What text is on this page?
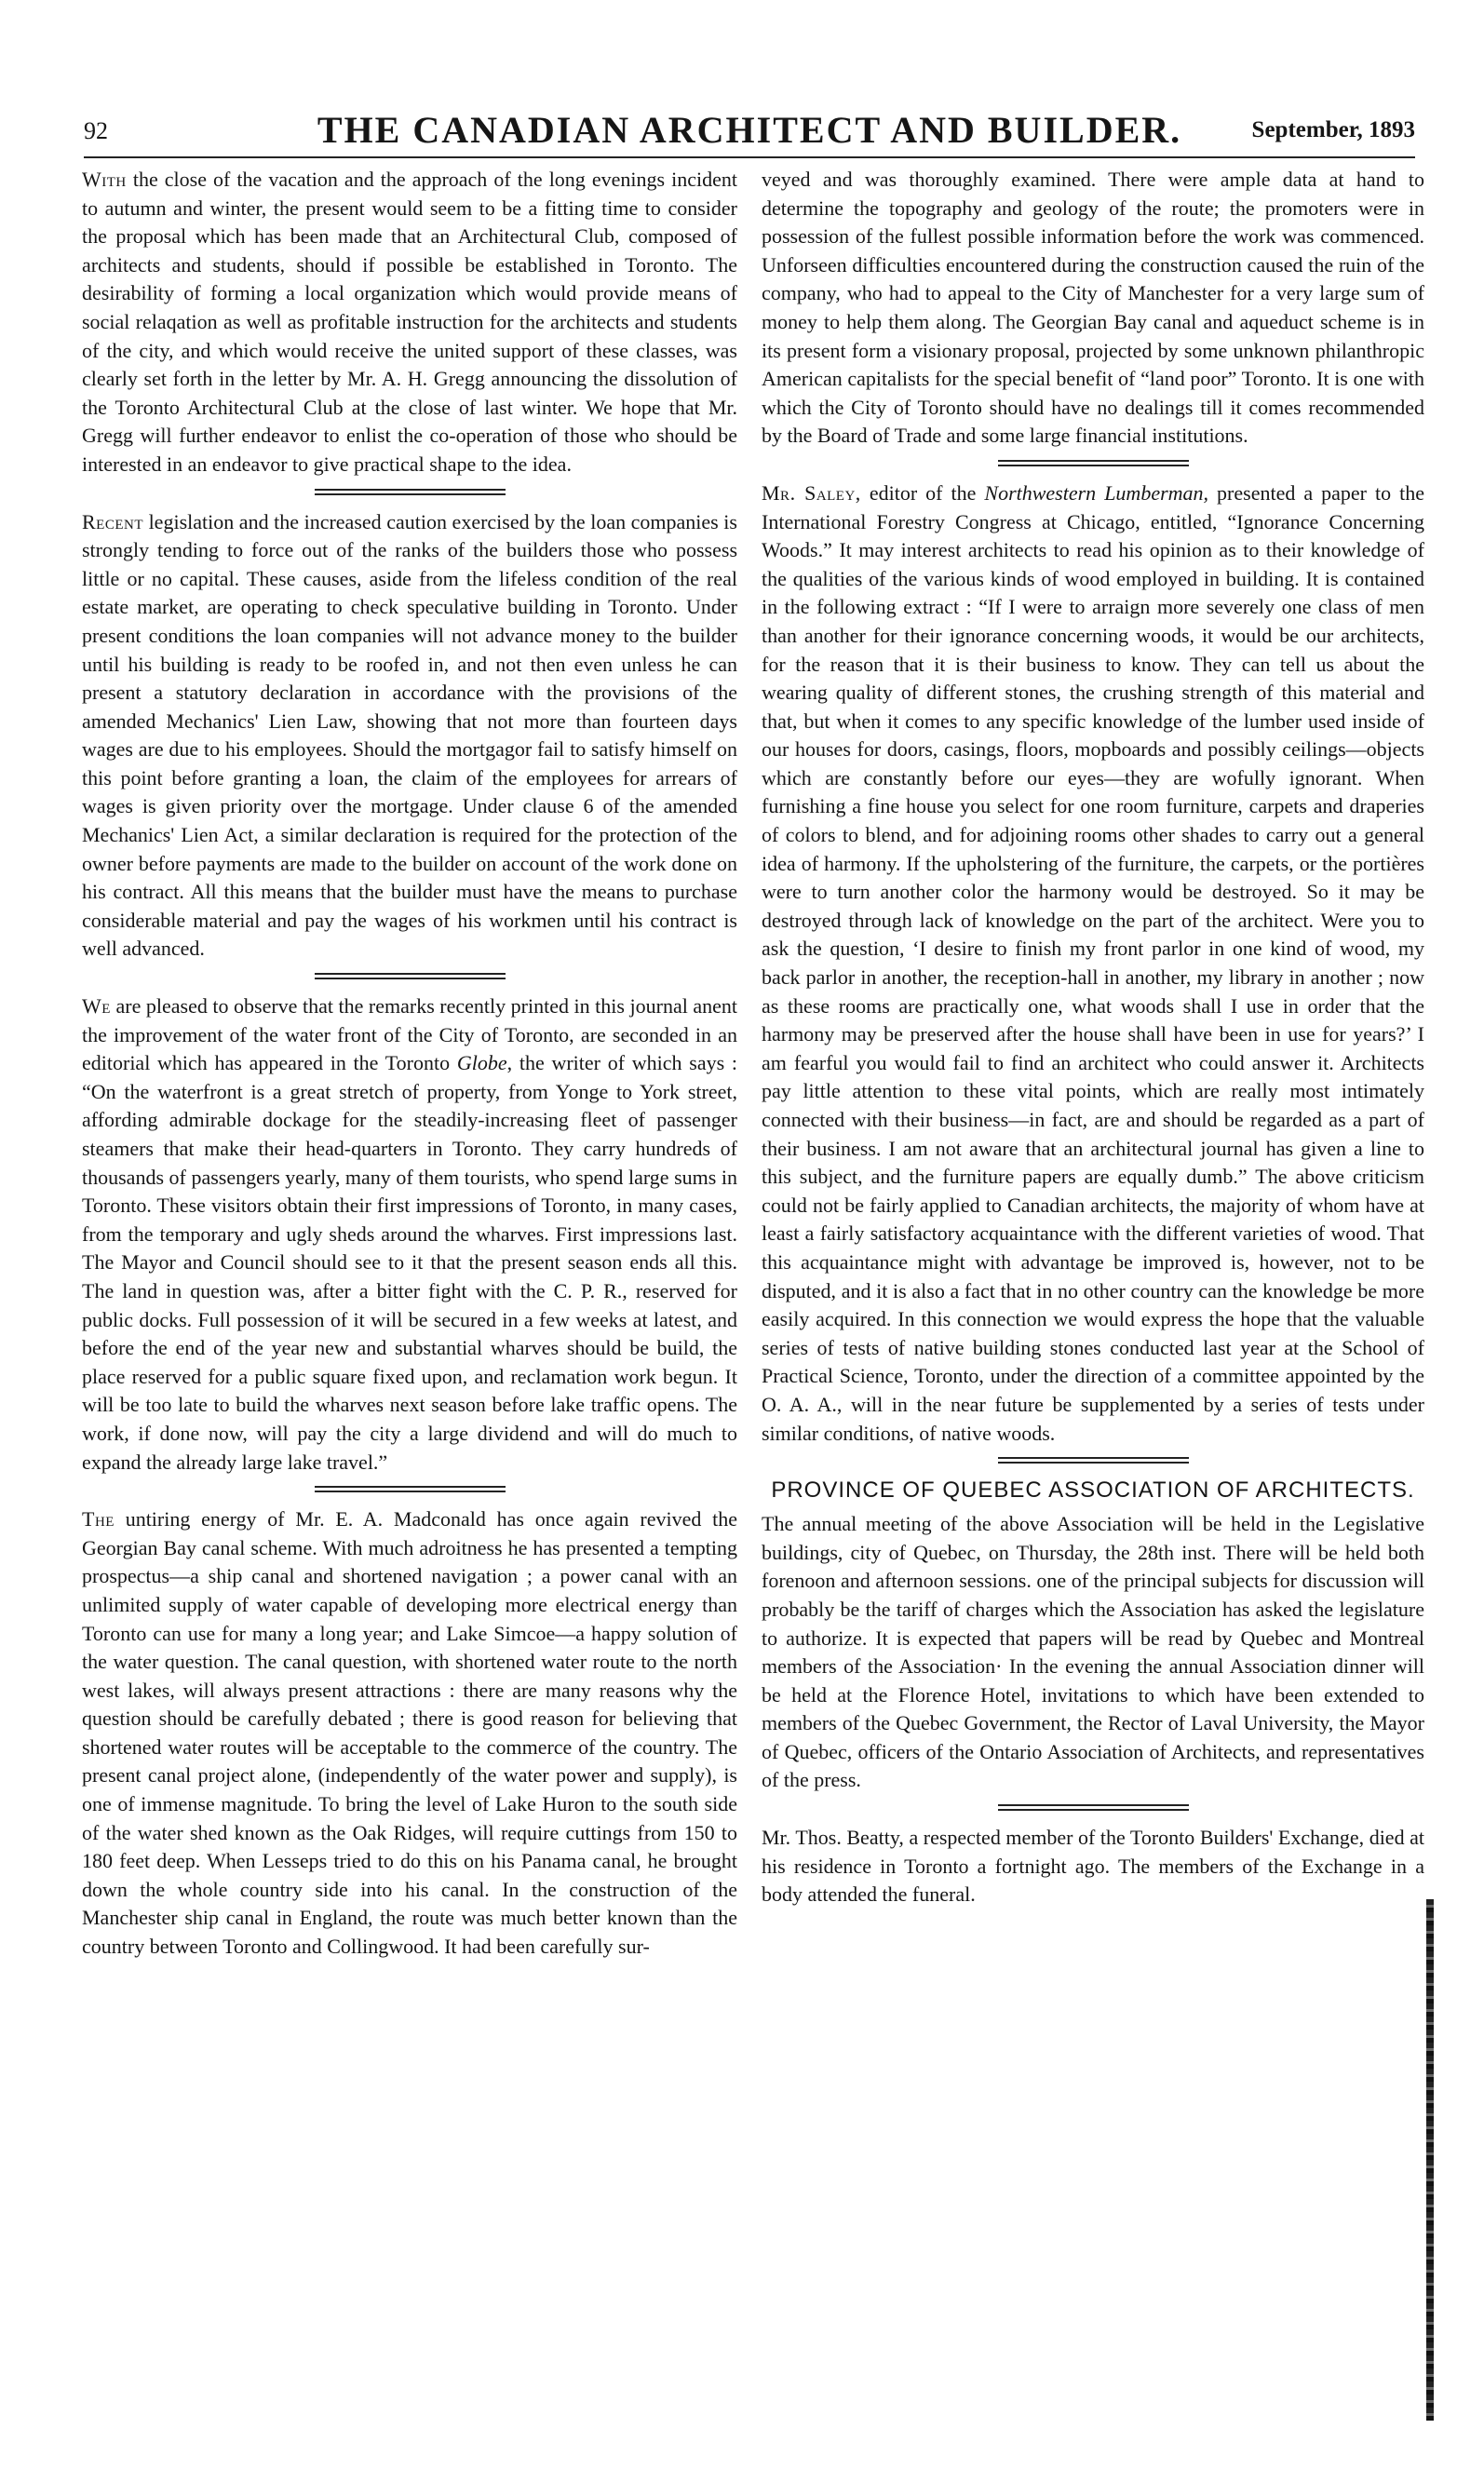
92	THE CANADIAN ARCHITECT AND BUILDER.	September, 1893

With the close of the vacation and the approach of the long evenings incident to autumn and winter, the present would seem to be a fitting time to consider the proposal which has been made that an Architectural Club, composed of architects and students, should if possible be established in Toronto. The desirability of forming a local organization which would provide means of social relaqation as well as profitable instruction for the architects and students of the city, and which would receive the united support of these classes, was clearly set forth in the letter by Mr. A. H. Gregg announcing the dissolution of the Toronto Architectural Club at the close of last winter. We hope that Mr. Gregg will further endeavor to enlist the co-operation of those who should be interested in an endeavor to give practical shape to the idea.

Recent legislation and the increased caution exercised by the loan companies is strongly tending to force out of the ranks of the builders those who possess little or no capital. These causes, aside from the lifeless condition of the real estate market, are operating to check speculative building in Toronto. Under present conditions the loan companies will not advance money to the builder until his building is ready to be roofed in, and not then even unless he can present a statutory declaration in accordance with the provisions of the amended Mechanics' Lien Law, showing that not more than fourteen days wages are due to his employees. Should the mortgagor fail to satisfy himself on this point before granting a loan, the claim of the employees for arrears of wages is given priority over the mortgage. Under clause 6 of the amended Mechanics' Lien Act, a similar declaration is required for the protection of the owner before payments are made to the builder on account of the work done on his contract. All this means that the builder must have the means to purchase considerable material and pay the wages of his workmen until his contract is well advanced.

We are pleased to observe that the remarks recently printed in this journal anent the improvement of the water front of the City of Toronto, are seconded in an editorial which has appeared in the Toronto Globe, the writer of which says : “On the waterfront is a great stretch of property, from Yonge to York street, affording admirable dockage for the steadily-increasing fleet of passenger steamers that make their head-quarters in Toronto. They carry hundreds of thousands of passengers yearly, many of them tourists, who spend large sums in Toronto. These visitors obtain their first impressions of Toronto, in many cases, from the temporary and ugly sheds around the wharves. First impressions last. The Mayor and Council should see to it that the present season ends all this. The land in question was, after a bitter fight with the C. P. R., reserved for public docks. Full possession of it will be secured in a few weeks at latest, and before the end of the year new and substantial wharves should be build, the place reserved for a public square fixed upon, and reclamation work begun. It will be too late to build the wharves next season before lake traffic opens. The work, if done now, will pay the city a large dividend and will do much to expand the already large lake travel.”

The untiring energy of Mr. E. A. Madconald has once again revived the Georgian Bay canal scheme. With much adroitness he has presented a tempting prospectus—a ship canal and shortened navigation ; a power canal with an unlimited supply of water capable of developing more electrical energy than Toronto can use for many a long year; and Lake Simcoe—a happy solution of the water question. The canal question, with shortened water route to the north west lakes, will always present attractions : there are many reasons why the question should be carefully debated ; there is good reason for believing that shortened water routes will be acceptable to the commerce of the country. The present canal project alone, (independently of the water power and supply), is one of immense magnitude. To bring the level of Lake Huron to the south side of the water shed known as the Oak Ridges, will require cuttings from 150 to 180 feet deep. When Lesseps tried to do this on his Panama canal, he brought down the whole country side into his canal. In the construction of the Manchester ship canal in England, the route was much better known than the country between Toronto and Collingwood. It had been carefully sur-

veyed and was thoroughly examined. There were ample data at hand to determine the topography and geology of the route; the promoters were in possession of the fullest possible information before the work was commenced. Unforseen difficulties encountered during the construction caused the ruin of the company, who had to appeal to the City of Manchester for a very large sum of money to help them along. The Georgian Bay canal and aqueduct scheme is in its present form a visionary proposal, projected by some unknown philanthropic American capitalists for the special benefit of “land poor” Toronto. It is one with which the City of Toronto should have no dealings till it comes recommended by the Board of Trade and some large financial institutions.

Mr. Saley, editor of the Northwestern Lumberman, presented a paper to the International Forestry Congress at Chicago, entitled, “Ignorance Concerning Woods.” It may interest architects to read his opinion as to their knowledge of the qualities of the various kinds of wood employed in building. It is contained in the following extract : “If I were to arraign more severely one class of men than another for their ignorance concerning woods, it would be our architects, for the reason that it is their business to know. They can tell us about the wearing quality of different stones, the crushing strength of this material and that, but when it comes to any specific knowledge of the lumber used inside of our houses for doors, casings, floors, mopboards and possibly ceilings—objects which are constantly before our eyes—they are wofully ignorant. When furnishing a fine house you select for one room furniture, carpets and draperies of colors to blend, and for adjoining rooms other shades to carry out a general idea of harmony. If the upholstering of the furniture, the carpets, or the portières were to turn another color the harmony would be destroyed. So it may be destroyed through lack of knowledge on the part of the architect. Were you to ask the question, ‘I desire to finish my front parlor in one kind of wood, my back parlor in another, the reception-hall in another, my library in another ; now as these rooms are practically one, what woods shall I use in order that the harmony may be preserved after the house shall have been in use for years?’ I am fearful you would fail to find an architect who could answer it. Architects pay little attention to these vital points, which are really most intimately connected with their business—in fact, are and should be regarded as a part of their business. I am not aware that an architectural journal has given a line to this subject, and the furniture papers are equally dumb.” The above criticism could not be fairly applied to Canadian architects, the majority of whom have at least a fairly satisfactory acquaintance with the different varieties of wood. That this acquaintance might with advantage be improved is, however, not to be disputed, and it is also a fact that in no other country can the knowledge be more easily acquired. In this connection we would express the hope that the valuable series of tests of native building stones conducted last year at the School of Practical Science, Toronto, under the direction of a committee appointed by the O. A. A., will in the near future be supplemented by a series of tests under similar conditions, of native woods.

PROVINCE OF QUEBEC ASSOCIATION OF ARCHITECTS.

The annual meeting of the above Association will be held in the Legislative buildings, city of Quebec, on Thursday, the 28th inst. There will be held both forenoon and afternoon sessions. one of the principal subjects for discussion will probably be the tariff of charges which the Association has asked the legislature to authorize. It is expected that papers will be read by Quebec and Montreal members of the Association· In the evening the annual Association dinner will be held at the Florence Hotel, invitations to which have been extended to members of the Quebec Government, the Rector of Laval University, the Mayor of Quebec, officers of the Ontario Association of Architects, and representatives of the press.

Mr. Thos. Beatty, a respected member of the Toronto Builders' Exchange, died at his residence in Toronto a fortnight ago. The members of the Exchange in a body attended the funeral.
